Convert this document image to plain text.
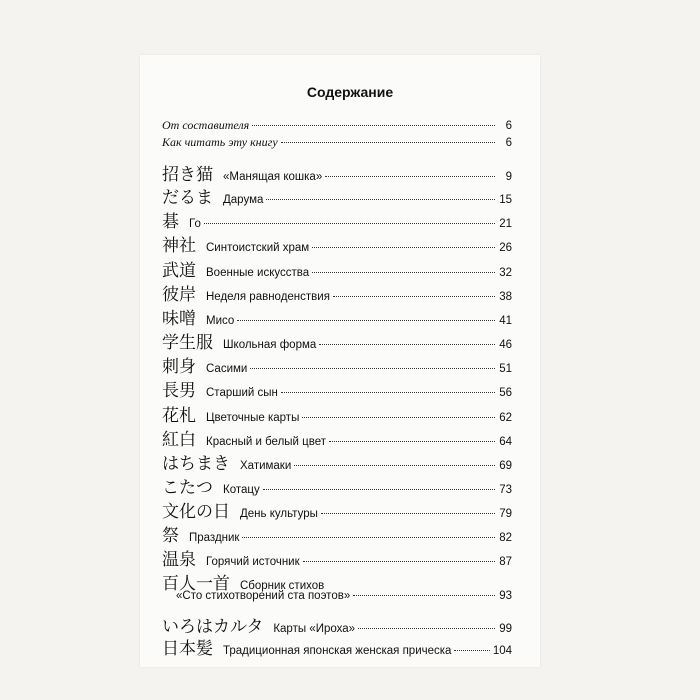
Содержание
От составителя	6
Как читать эту книгу	6
招き猫 «Манящая кошка»	9
だるま Дарума	15
碁 Го	21
神社 Синтоистский храм	26
武道 Военные искусства	32
彼岸 Неделя равноденствия	38
味噌 Мисо	41
学生服 Школьная форма	46
刺身 Сасими	51
長男 Старший сын	56
花札 Цветочные карты	62
紅白 Красный и белый цвет	64
はちまき Хатимаки	69
こたつ Котацу	73
文化の日 День культуры	79
祭 Праздник	82
温泉 Горячий источник	87
百人一首 Сборник стихов
«Сто стихотворений ста поэтов»	93
いろはカルタ Карты «Ироха»	99
日本髪 Традиционная японская женская прическа	104
